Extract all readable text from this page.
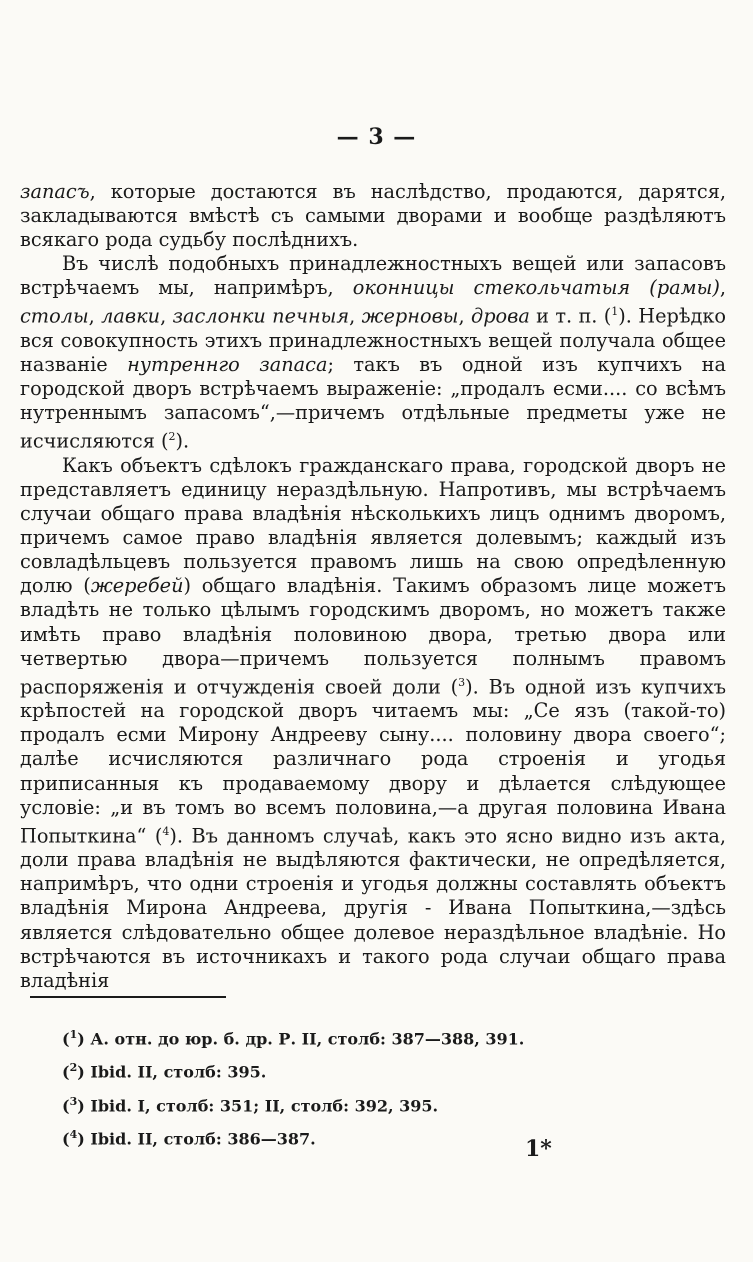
— 3 —

запасъ, которые достаются въ наслѣдство, продаются, дарятся, закладываются вмѣстѣ съ самыми дворами и вообще раздѣляютъ всякаго рода судьбу послѣднихъ.

Въ числѣ подобныхъ принадлежностныхъ вещей или запасовъ встрѣчаемъ мы, напримѣръ, оконницы стекольчатыя (рамы), столы, лавки, заслонки печныя, жерновы, дрова и т. п. ($^1$). Нерѣдко вся совокупность этихъ принадлежностныхъ вещей получала общее названіе нутреннго запаса; такъ въ одной изъ купчихъ на городской дворъ встрѣчаемъ выраженіе: „продалъ есми.... со всѣмъ нутреннымъ запасомъ“,—причемъ отдѣльные предметы уже не исчисляются ($^2$).

Какъ объектъ сдѣлокъ гражданскаго права, городской дворъ не представляетъ единицу нераздѣльную. Напротивъ, мы встрѣчаемъ случаи общаго права владѣнія нѣсколькихъ лицъ однимъ дворомъ, причемъ самое право владѣнія является долевымъ; каждый изъ совладѣльцевъ пользуется правомъ лишь на свою опредѣленную долю (жеребей) общаго владѣнія. Такимъ образомъ лице можетъ владѣть не только цѣлымъ городскимъ дворомъ, но можетъ также имѣть право владѣнія половиною двора, третью двора или четвертью двора—причемъ пользуется полнымъ правомъ распоряженія и отчужденія своей доли ($^3$). Въ одной изъ купчихъ крѣпостей на городской дворъ читаемъ мы: „Се язъ (такой-то) продалъ есми Мирону Андрееву сыну.... половину двора своего“; далѣе исчисляются различнаго рода строенія и угодья приписанныя къ продаваемому двору и дѣлается слѣдующее условіе: „и въ томъ во всемъ половина,—а другая половина Ивана Попыткина“ ($^4$). Въ данномъ случаѣ, какъ это ясно видно изъ акта, доли права владѣнія не выдѣляются фактически, не опредѣляется, напримѣръ, что одни строенія и угодья должны составлять объектъ владѣнія Мирона Андреева, другія - Ивана Попыткина,—здѣсь является слѣдовательно общее долевое нераздѣльное владѣніе. Но встрѣчаются въ источникахъ и такого рода случаи общаго права владѣнія

($^1$) А. отн. до юр. б. др. Р. II, столб: 387—388, 391.

($^2$) Ibid. II, столб: 395.

($^3$) Ibid. I, столб: 351; II, столб: 392, 395.

($^4$) Ibid. II, столб: 386—387.	1*
